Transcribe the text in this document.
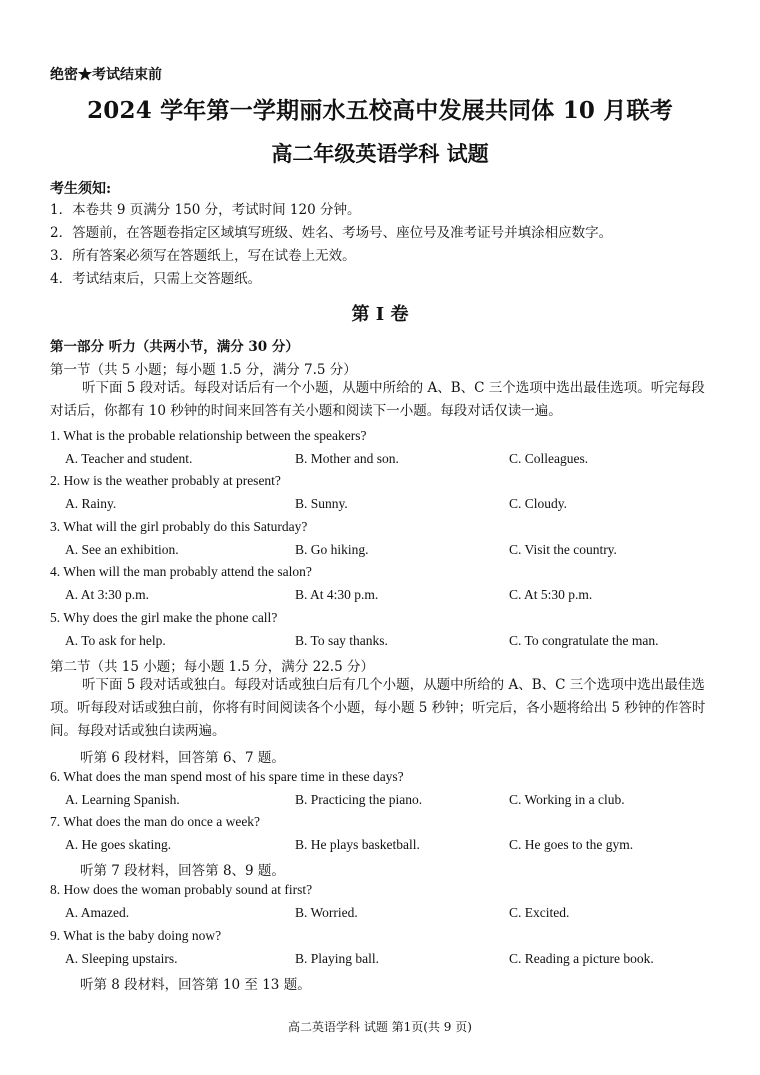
绝密★考试结束前
2024 学年第一学期丽水五校高中发展共同体 10 月联考
高二年级英语学科 试题
考生须知:
1．本卷共 9 页满分 150 分，考试时间 120 分钟。
2．答题前，在答题卷指定区域填写班级、姓名、考场号、座位号及准考证号并填涂相应数字。
3．所有答案必须写在答题纸上，写在试卷上无效。
4．考试结束后，只需上交答题纸。
第 I 卷
第一部分 听力（共两小节，满分 30 分）
第一节（共 5 小题；每小题 1.5 分，满分 7.5 分）
听下面 5 段对话。每段对话后有一个小题，从题中所给的 A、B、C 三个选项中选出最佳选项。听完每段对话后，你都有 10 秒钟的时间来回答有关小题和阅读下一小题。每段对话仅读一遍。
1. What is the probable relationship between the speakers?
A. Teacher and student.	B. Mother and son.	C. Colleagues.
2. How is the weather probably at present?
A. Rainy.	B. Sunny.	C. Cloudy.
3. What will the girl probably do this Saturday?
A. See an exhibition.	B. Go hiking.	C. Visit the country.
4. When will the man probably attend the salon?
A. At 3:30 p.m.	B. At 4:30 p.m.	C. At 5:30 p.m.
5. Why does the girl make the phone call?
A. To ask for help.	B. To say thanks.	C. To congratulate the man.
第二节（共 15 小题；每小题 1.5 分，满分 22.5 分）
听下面 5 段对话或独白。每段对话或独白后有几个小题，从题中所给的 A、B、C 三个选项中选出最佳选项。听每段对话或独白前，你将有时间阅读各个小题，每小题 5 秒钟；听完后，各小题将给出 5 秒钟的作答时间。每段对话或独白读两遍。
听第 6 段材料，回答第 6、7 题。
6. What does the man spend most of his spare time in these days?
A. Learning Spanish.	B. Practicing the piano.	C. Working in a club.
7. What does the man do once a week?
A. He goes skating.	B. He plays basketball.	C. He goes to the gym.
听第 7 段材料，回答第 8、9 题。
8. How does the woman probably sound at first?
A. Amazed.	B. Worried.	C. Excited.
9. What is the baby doing now?
A. Sleeping upstairs.	B. Playing ball.	C. Reading a picture book.
听第 8 段材料，回答第 10 至 13 题。
高二英语学科 试题 第1页(共 9 页)
